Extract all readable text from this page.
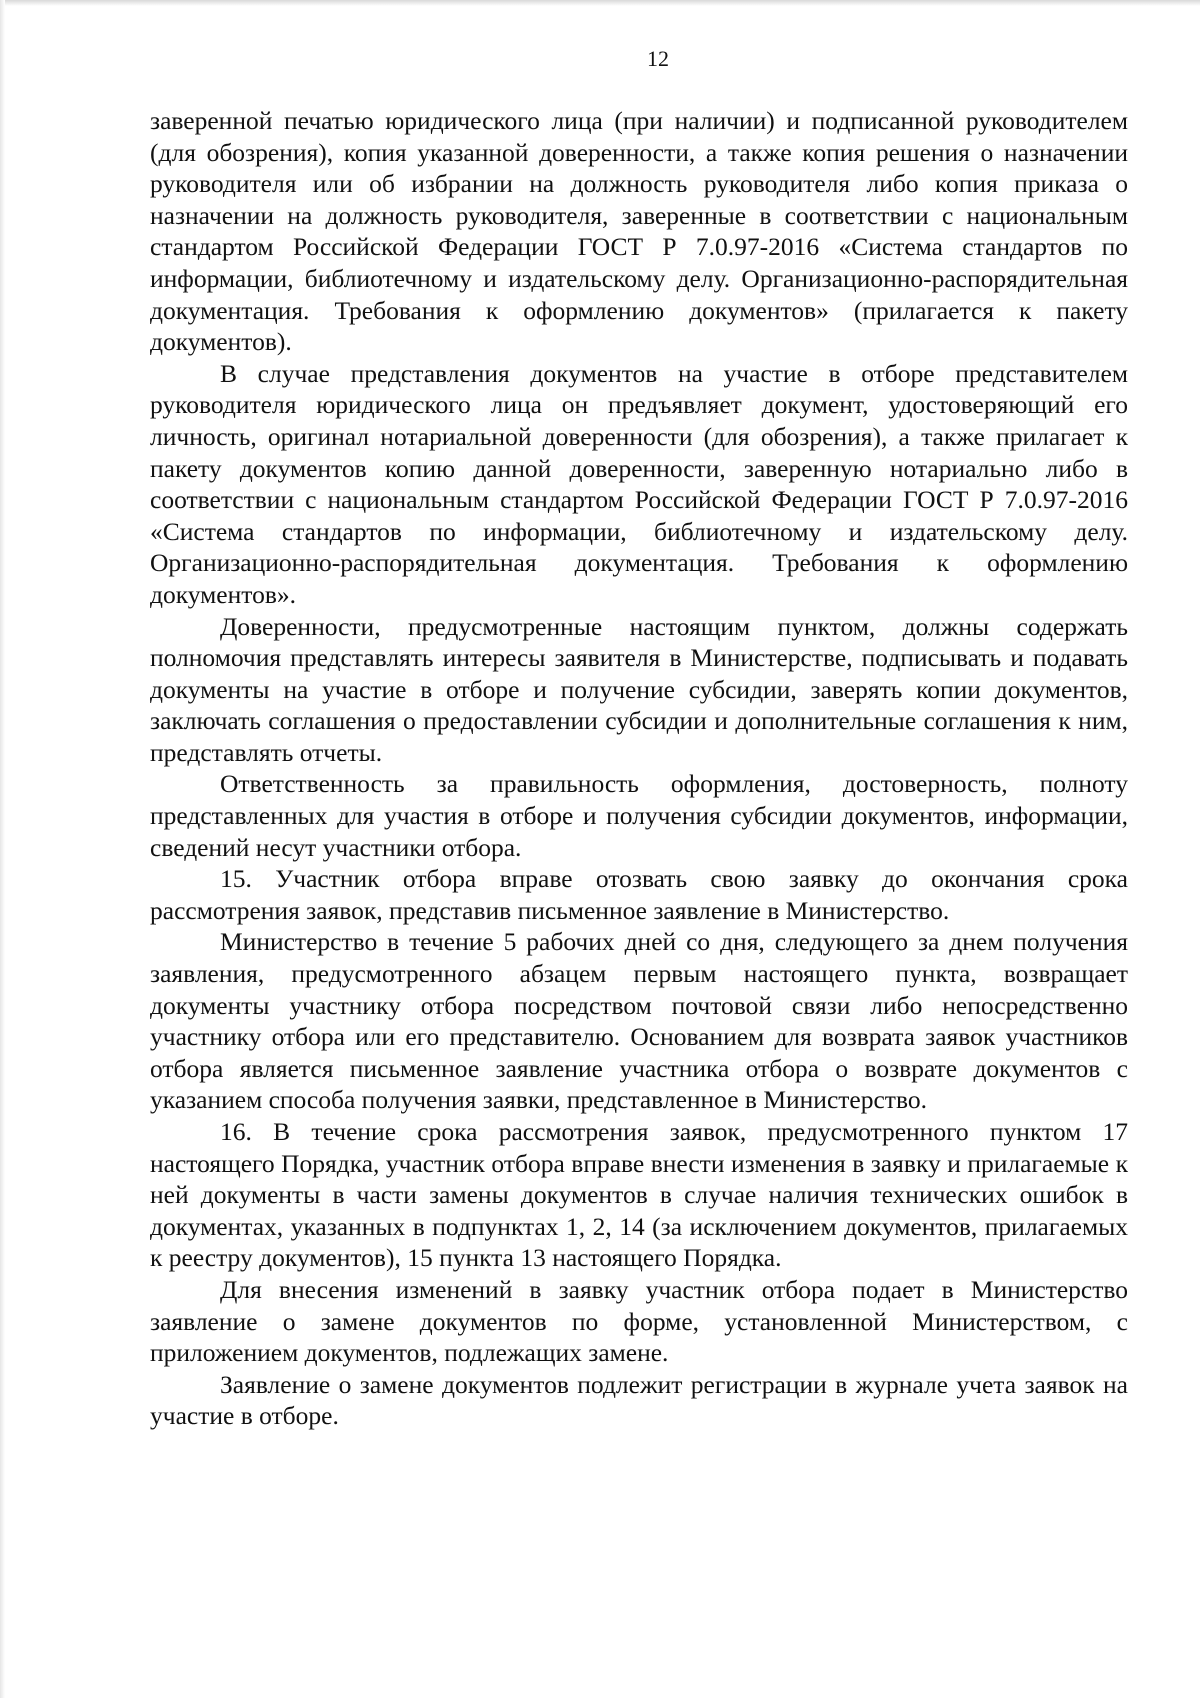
12

заверенной печатью юридического лица (при наличии) и подписанной руководителем (для обозрения), копия указанной доверенности, а также копия решения о назначении руководителя или об избрании на должность руководителя либо копия приказа о назначении на должность руководителя, заверенные в соответствии с национальным стандартом Российской Федерации ГОСТ Р 7.0.97-2016 «Система стандартов по информации, библиотечному и издательскому делу. Организационно-распорядительная документация. Требования к оформлению документов» (прилагается к пакету документов).

В случае представления документов на участие в отборе представителем руководителя юридического лица он предъявляет документ, удостоверяющий его личность, оригинал нотариальной доверенности (для обозрения), а также прилагает к пакету документов копию данной доверенности, заверенную нотариально либо в соответствии с национальным стандартом Российской Федерации ГОСТ Р 7.0.97-2016 «Система стандартов по информации, библиотечному и издательскому делу. Организационно-распорядительная документация. Требования к оформлению документов».

Доверенности, предусмотренные настоящим пунктом, должны содержать полномочия представлять интересы заявителя в Министерстве, подписывать и подавать документы на участие в отборе и получение субсидии, заверять копии документов, заключать соглашения о предоставлении субсидии и дополнительные соглашения к ним, представлять отчеты.

Ответственность за правильность оформления, достоверность, полноту представленных для участия в отборе и получения субсидии документов, информации, сведений несут участники отбора.

15. Участник отбора вправе отозвать свою заявку до окончания срока рассмотрения заявок, представив письменное заявление в Министерство.

Министерство в течение 5 рабочих дней со дня, следующего за днем получения заявления, предусмотренного абзацем первым настоящего пункта, возвращает документы участнику отбора посредством почтовой связи либо непосредственно участнику отбора или его представителю. Основанием для возврата заявок участников отбора является письменное заявление участника отбора о возврате документов с указанием способа получения заявки, представленное в Министерство.

16. В течение срока рассмотрения заявок, предусмотренного пунктом 17 настоящего Порядка, участник отбора вправе внести изменения в заявку и прилагаемые к ней документы в части замены документов в случае наличия технических ошибок в документах, указанных в подпунктах 1, 2, 14 (за исключением документов, прилагаемых к реестру документов), 15 пункта 13 настоящего Порядка.

Для внесения изменений в заявку участник отбора подает в Министерство заявление о замене документов по форме, установленной Министерством, с приложением документов, подлежащих замене.

Заявление о замене документов подлежит регистрации в журнале учета заявок на участие в отборе.
